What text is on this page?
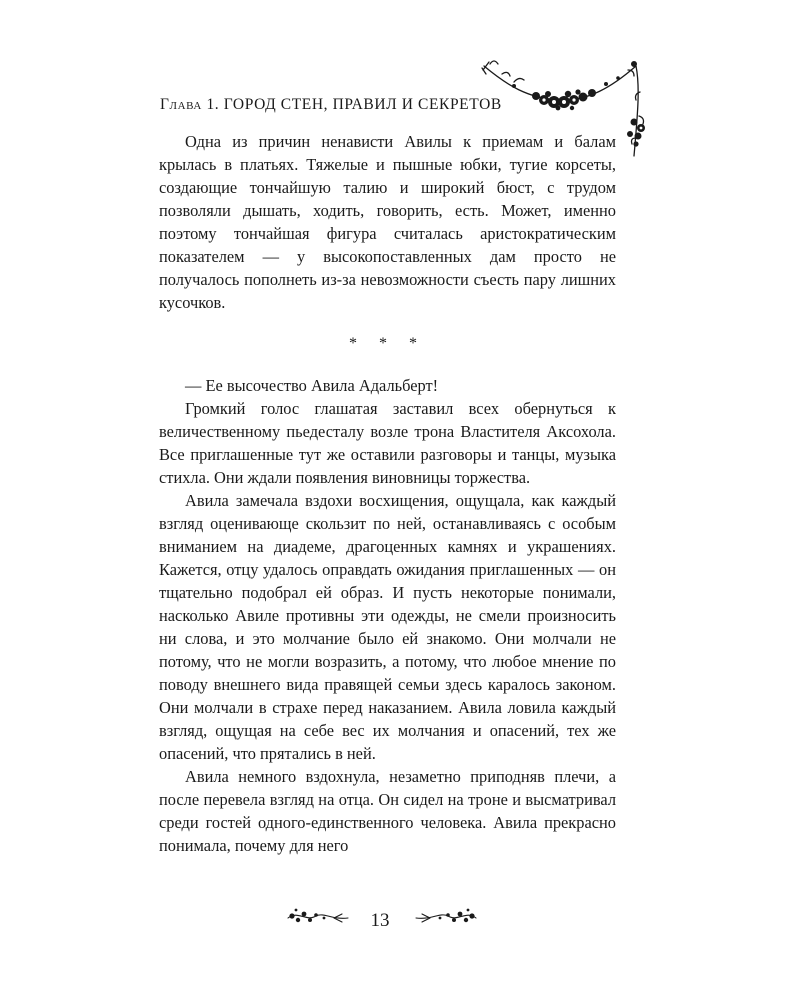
Глава 1. ГОРОД СТЕН, ПРАВИЛ И СЕКРЕТОВ

Одна из причин ненависти Авилы к приемам и балам крылась в платьях. Тяжелые и пышные юбки, тугие корсеты, создающие тончайшую талию и широкий бюст, с трудом позволяли дышать, ходить, говорить, есть. Может, именно поэтому тончайшая фигура считалась аристократическим показателем — у высокопоставленных дам просто не получалось пополнеть из-за невозможности съесть пару лишних кусочков.

* * *

— Ее высочество Авила Адальберт!

Громкий голос глашатая заставил всех обернуться к величественному пьедесталу возле трона Властителя Аксохола. Все приглашенные тут же оставили разговоры и танцы, музыка стихла. Они ждали появления виновницы торжества.

Авила замечала вздохи восхищения, ощущала, как каждый взгляд оценивающе скользит по ней, останавливаясь с особым вниманием на диадеме, драгоценных камнях и украшениях. Кажется, отцу удалось оправдать ожидания приглашенных — он тщательно подобрал ей образ. И пусть некоторые понимали, насколько Авиле противны эти одежды, не смели произносить ни слова, и это молчание было ей знакомо. Они молчали не потому, что не могли возразить, а потому, что любое мнение по поводу внешнего вида правящей семьи здесь каралось законом. Они молчали в страхе перед наказанием. Авила ловила каждый взгляд, ощущая на себе вес их молчания и опасений, тех же опасений, что прятались в ней.

Авила немного вздохнула, незаметно приподняв плечи, а после перевела взгляд на отца. Он сидел на троне и высматривал среди гостей одного-единственного человека. Авила прекрасно понимала, почему для него

13
